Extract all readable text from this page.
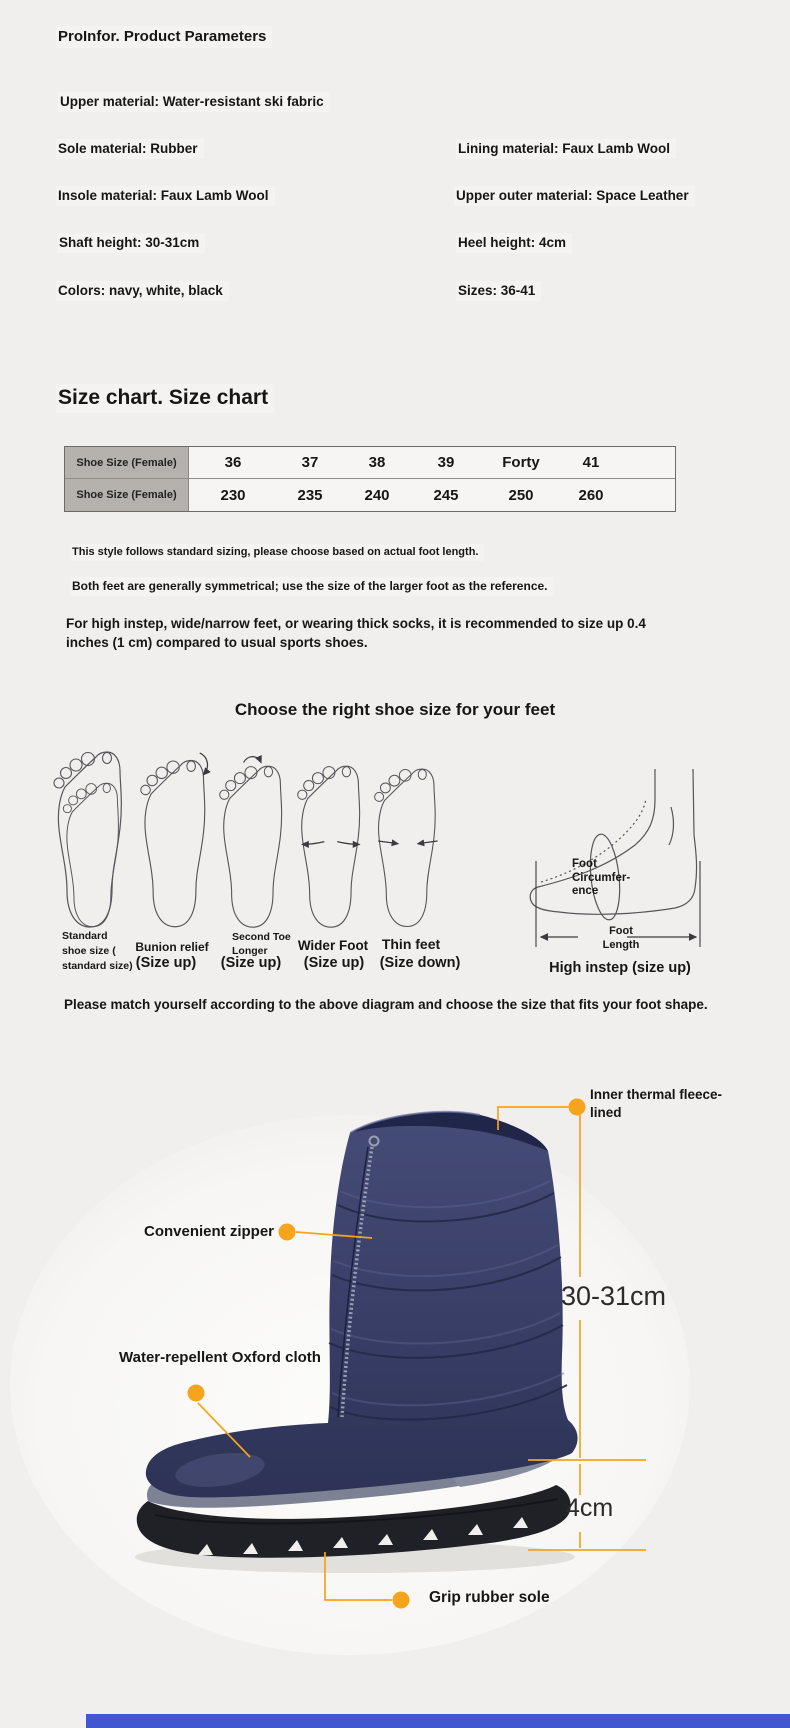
ProInfor. Product Parameters
Upper material: Water-resistant ski fabric
Sole material: Rubber	Lining material: Faux Lamb Wool
Insole material: Faux Lamb Wool	Upper outer material: Space Leather
Shaft height: 30-31cm	Heel height: 4cm
Colors: navy, white, black	Sizes: 36-41
Size chart. Size chart
Shoe Size (Female)	36	37	38	39	Forty	41
Shoe Size (Female)	230	235	240	245	250	260
This style follows standard sizing, please choose based on actual foot length.
Both feet are generally symmetrical; use the size of the larger foot as the reference.
For high instep, wide/narrow feet, or wearing thick socks, it is recommended to size up 0.4 inches (1 cm) compared to usual sports shoes.
Choose the right shoe size for your feet
Foot
Circumfer-
ence
Foot
Length
High instep (size up)
Standard
shoe size (
standard size)
Bunion relief
Second Toe
Longer	Wider Foot Thin feet
(Size up)	(Size up)	(Size up)	(Size down)
Please match yourself according to the above diagram and choose the size that fits your foot shape.
Inner thermal fleece-
lined
Convenient zipper
30-31cm
Water-repellent Oxford cloth
4cm
Grip rubber sole
